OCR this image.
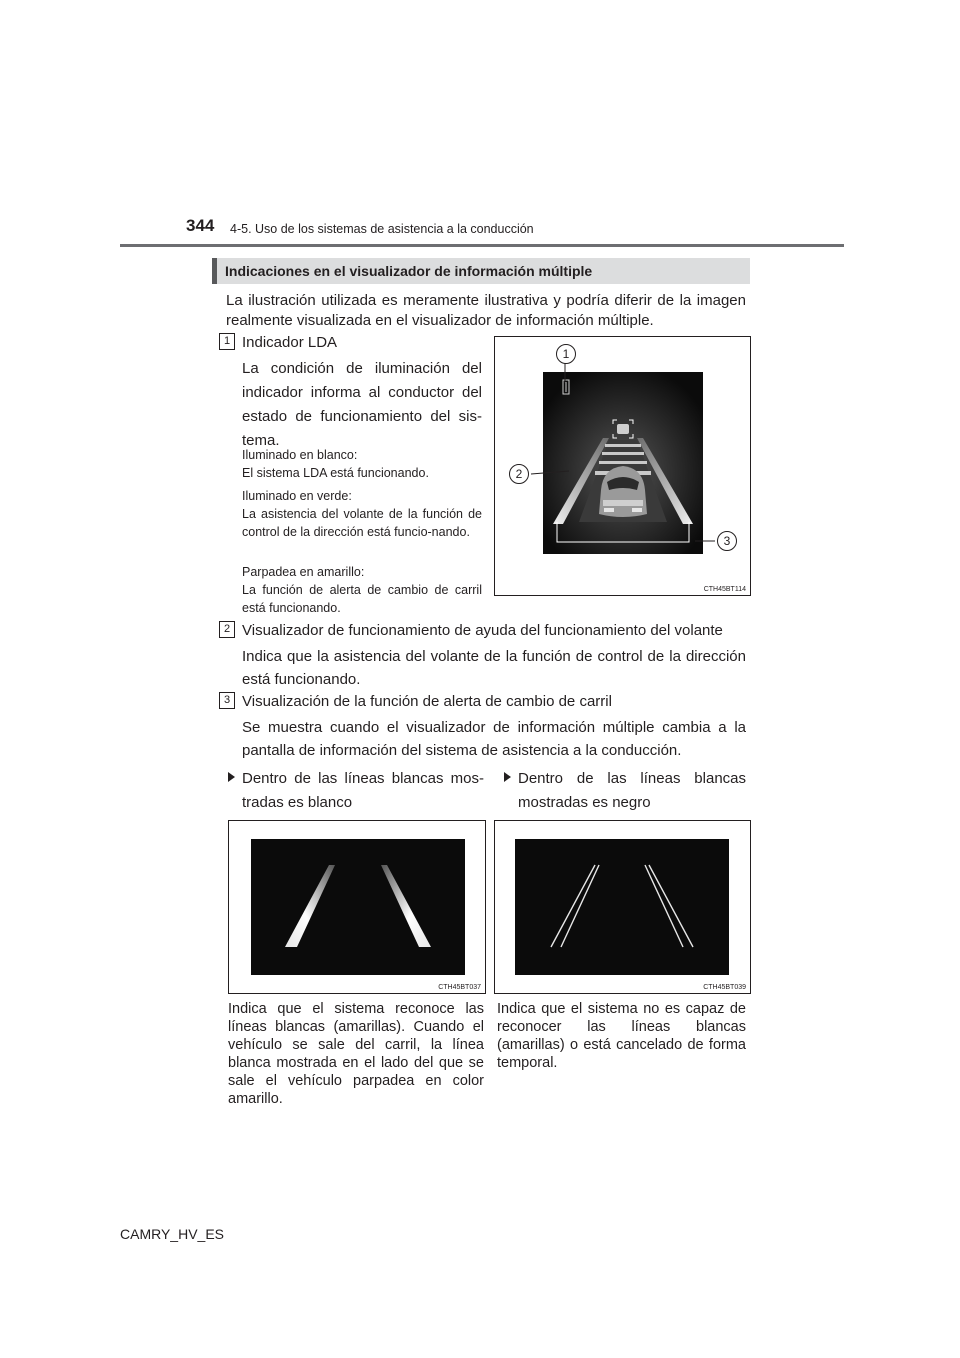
344 4-5. Uso de los sistemas de asistencia a la conducción
Indicaciones en el visualizador de información múltiple
La ilustración utilizada es meramente ilustrativa y podría diferir de la imagen realmente visualizada en el visualizador de información múltiple.
1 Indicador LDA
La condición de iluminación del indicador informa al conductor del estado de funcionamiento del sis-tema.
Iluminado en blanco:
El sistema LDA está funcionando.
Iluminado en verde:
La asistencia del volante de la función de control de la dirección está funcio-nando.
Parpadea en amarillo:
La función de alerta de cambio de carril está funcionando.
1
2
3
CTH45BT114
2 Visualizador de funcionamiento de ayuda del funcionamiento del volante
Indica que la asistencia del volante de la función de control de la dirección está funcionando.
3 Visualización de la función de alerta de cambio de carril
Se muestra cuando el visualizador de información múltiple cambia a la pantalla de información del sistema de asistencia a la conducción.
Dentro de las líneas blancas mos-tradas es blanco
Dentro de las líneas blancas mostradas es negro
CTH45BT037	CTH45BT039
Indica que el sistema reconoce las líneas blancas (amarillas). Cuando el vehículo se sale del carril, la línea blanca mostrada en el lado del que se sale el vehículo parpadea en color amarillo.
Indica que el sistema no es capaz de reconocer las líneas blancas (amarillas) o está cancelado de forma temporal.
CAMRY_HV_ES
